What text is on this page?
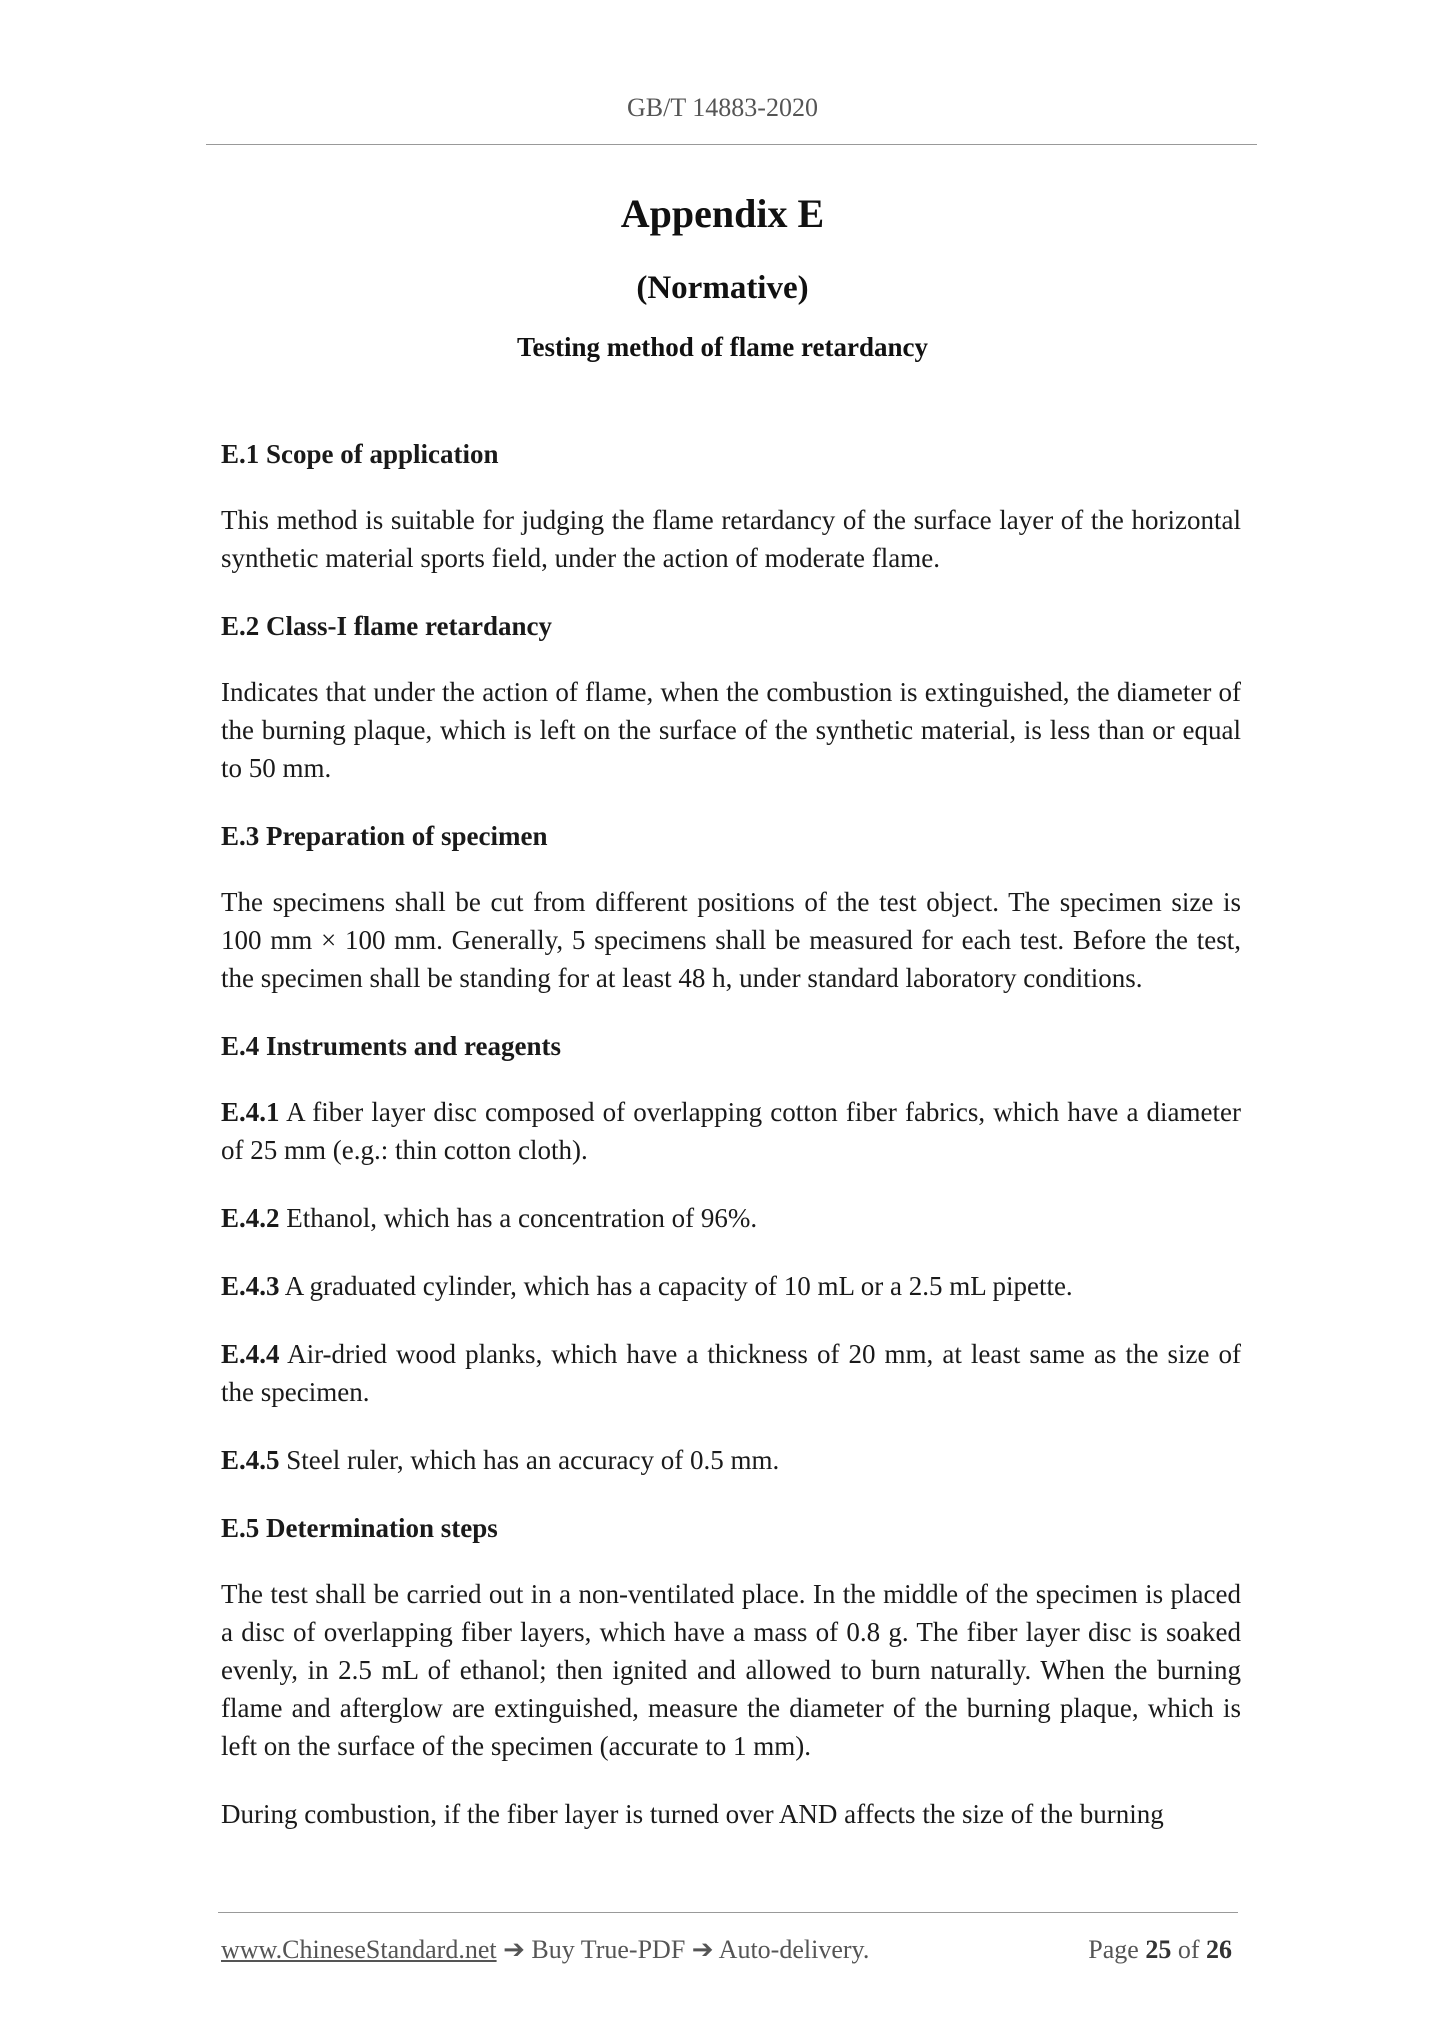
GB/T 14883-2020
Appendix E
(Normative)
Testing method of flame retardancy
E.1 Scope of application
This method is suitable for judging the flame retardancy of the surface layer of the horizontal synthetic material sports field, under the action of moderate flame.
E.2 Class-I flame retardancy
Indicates that under the action of flame, when the combustion is extinguished, the diameter of the burning plaque, which is left on the surface of the synthetic material, is less than or equal to 50 mm.
E.3 Preparation of specimen
The specimens shall be cut from different positions of the test object. The specimen size is 100 mm × 100 mm. Generally, 5 specimens shall be measured for each test. Before the test, the specimen shall be standing for at least 48 h, under standard laboratory conditions.
E.4 Instruments and reagents
E.4.1 A fiber layer disc composed of overlapping cotton fiber fabrics, which have a diameter of 25 mm (e.g.: thin cotton cloth).
E.4.2 Ethanol, which has a concentration of 96%.
E.4.3 A graduated cylinder, which has a capacity of 10 mL or a 2.5 mL pipette.
E.4.4 Air-dried wood planks, which have a thickness of 20 mm, at least same as the size of the specimen.
E.4.5 Steel ruler, which has an accuracy of 0.5 mm.
E.5 Determination steps
The test shall be carried out in a non-ventilated place. In the middle of the specimen is placed a disc of overlapping fiber layers, which have a mass of 0.8 g. The fiber layer disc is soaked evenly, in 2.5 mL of ethanol; then ignited and allowed to burn naturally. When the burning flame and afterglow are extinguished, measure the diameter of the burning plaque, which is left on the surface of the specimen (accurate to 1 mm).
During combustion, if the fiber layer is turned over AND affects the size of the burning
www.ChineseStandard.net ➔ Buy True-PDF ➔ Auto-delivery.	Page 25 of 26
